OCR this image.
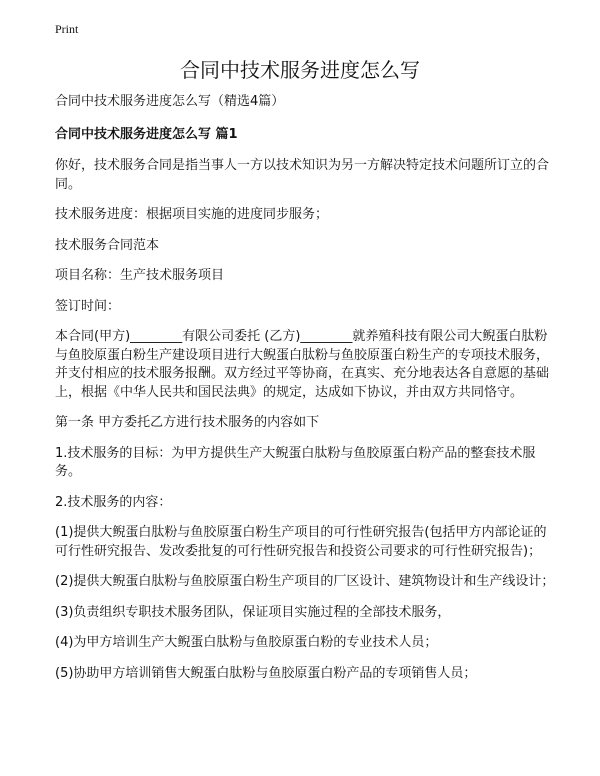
Print
合同中技术服务进度怎么写

合同中技术服务进度怎么写（精选4篇）

合同中技术服务进度怎么写 篇1

你好，技术服务合同是指当事人一方以技术知识为另一方解决特定技术问题所订立的合同。

技术服务进度：根据项目实施的进度同步服务；

技术服务合同范本

项目名称：生产技术服务项目

签订时间：

本合同(甲方)________有限公司委托 (乙方)________就养殖科技有限公司大鲵蛋白肽粉与鱼胶原蛋白粉生产建设项目进行大鲵蛋白肽粉与鱼胶原蛋白粉生产的专项技术服务，并支付相应的技术服务报酬。双方经过平等协商，在真实、充分地表达各自意愿的基础上，根据《中华人民共和国民法典》的规定，达成如下协议，并由双方共同恪守。

第一条 甲方委托乙方进行技术服务的内容如下

1.技术服务的目标：为甲方提供生产大鲵蛋白肽粉与鱼胶原蛋白粉产品的整套技术服务。

2.技术服务的内容：

(1)提供大鲵蛋白肽粉与鱼胶原蛋白粉生产项目的可行性研究报告(包括甲方内部论证的可行性研究报告、发改委批复的可行性研究报告和投资公司要求的可行性研究报告)；

(2)提供大鲵蛋白肽粉与鱼胶原蛋白粉生产项目的厂区设计、建筑物设计和生产线设计；

(3)负责组织专职技术服务团队，保证项目实施过程的全部技术服务，

(4)为甲方培训生产大鲵蛋白肽粉与鱼胶原蛋白粉的专业技术人员；

(5)协助甲方培训销售大鲵蛋白肽粉与鱼胶原蛋白粉产品的专项销售人员；
